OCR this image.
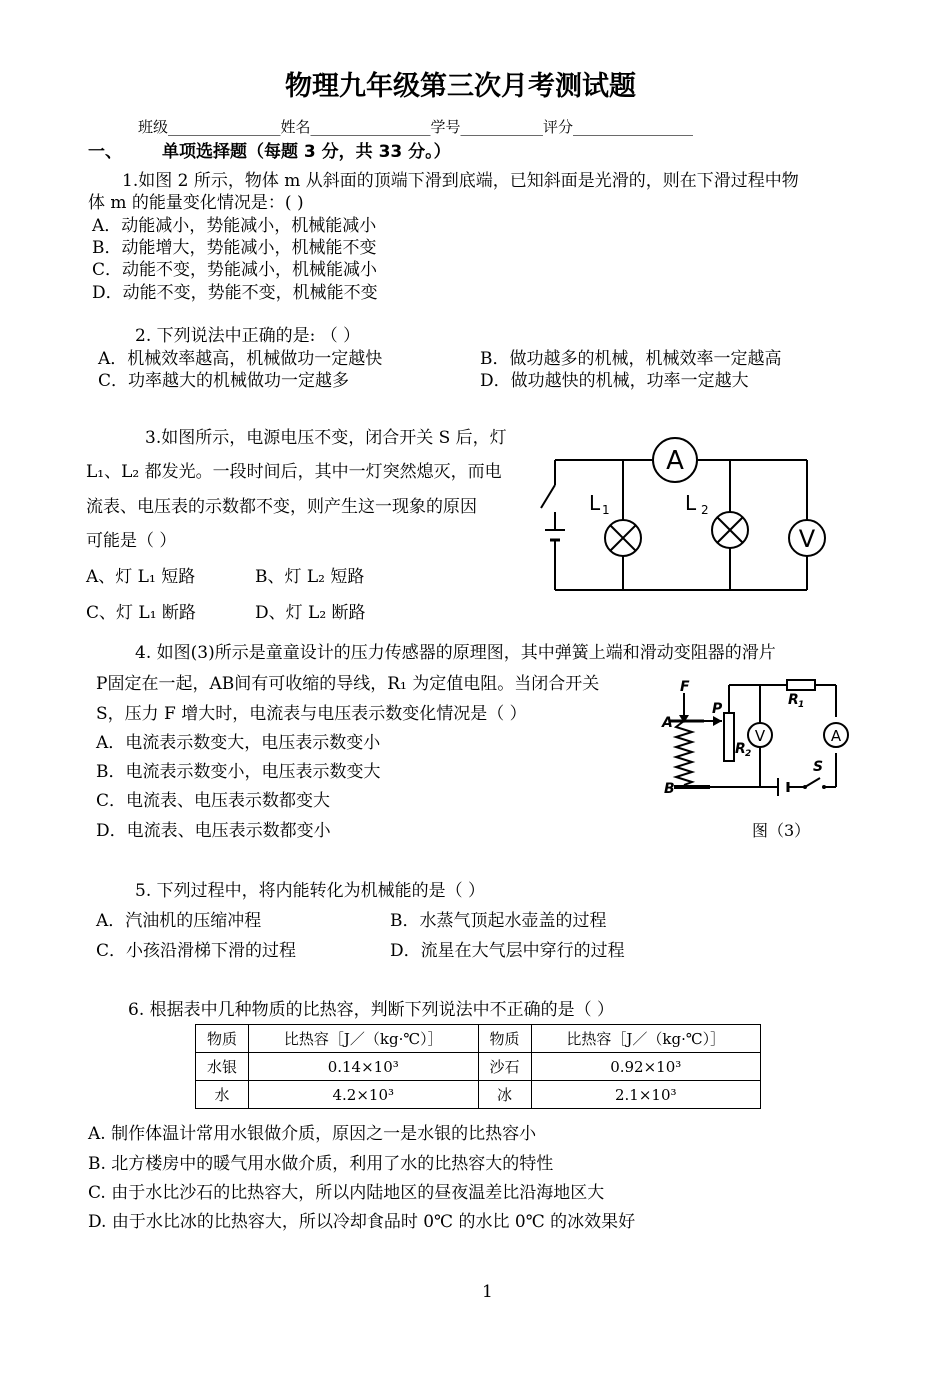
物理九年级第三次月考测试题
班级_______________姓名________________学号___________评分________________
一、 单项选择题（每题 3 分，共 33 分。）
1.如图 2 所示，物体 m 从斜面的顶端下滑到底端，已知斜面是光滑的，则在下滑过程中物
体 m 的能量变化情况是：( )
A．动能减小，势能减小，机械能减小
B．动能增大，势能减小，机械能不变
C．动能不变，势能减小，机械能减小
D．动能不变，势能不变，机械能不变
2. 下列说法中正确的是: （ ）
A．机械效率越高，机械做功一定越快	B．做功越多的机械，机械效率一定越高
C．功率越大的机械做功一定越多	D．做功越快的机械，功率一定越大
3.如图所示，电源电压不变，闭合开关 S 后，灯
L₁、L₂ 都发光。一段时间后，其中一灯突然熄灭，而电
流表、电压表的示数都不变，则产生这一现象的原因
可能是（ ）
A、灯 L₁ 短路	B、灯 L₂ 短路
C、灯 L₁ 断路	D、灯 L₂ 断路
A
L 1	L 2
V
4. 如图(3)所示是童童设计的压力传感器的原理图，其中弹簧上端和滑动变阻器的滑片
P固定在一起，AB间有可收缩的导线，R₁ 为定值电阻。当闭合开关
S，压力 F 增大时，电流表与电压表示数变化情况是（ ）
A．电流表示数变大，电压表示数变小
B．电流表示数变小，电压表示数变大
C．电流表、电压表示数都变大
D．电流表、电压表示数都变小	图（3）
V	A
F
A
B
P
R 1
R 2
S
5. 下列过程中，将内能转化为机械能的是（ ）
A．汽油机的压缩冲程	B．水蒸气顶起水壶盖的过程
C．小孩沿滑梯下滑的过程	D．流星在大气层中穿行的过程
6. 根据表中几种物质的比热容，判断下列说法中不正确的是（ ）
物质	比热容［J／（kg·℃）］	物质	比热容［J／（kg·℃）］
水银	0.14×10³	沙石	0.92×10³
水	4.2×10³	冰	2.1×10³
A. 制作体温计常用水银做介质，原因之一是水银的比热容小
B. 北方楼房中的暖气用水做介质，利用了水的比热容大的特性
C. 由于水比沙石的比热容大，所以内陆地区的昼夜温差比沿海地区大
D. 由于水比冰的比热容大，所以冷却食品时 0℃ 的水比 0℃ 的冰效果好
1
